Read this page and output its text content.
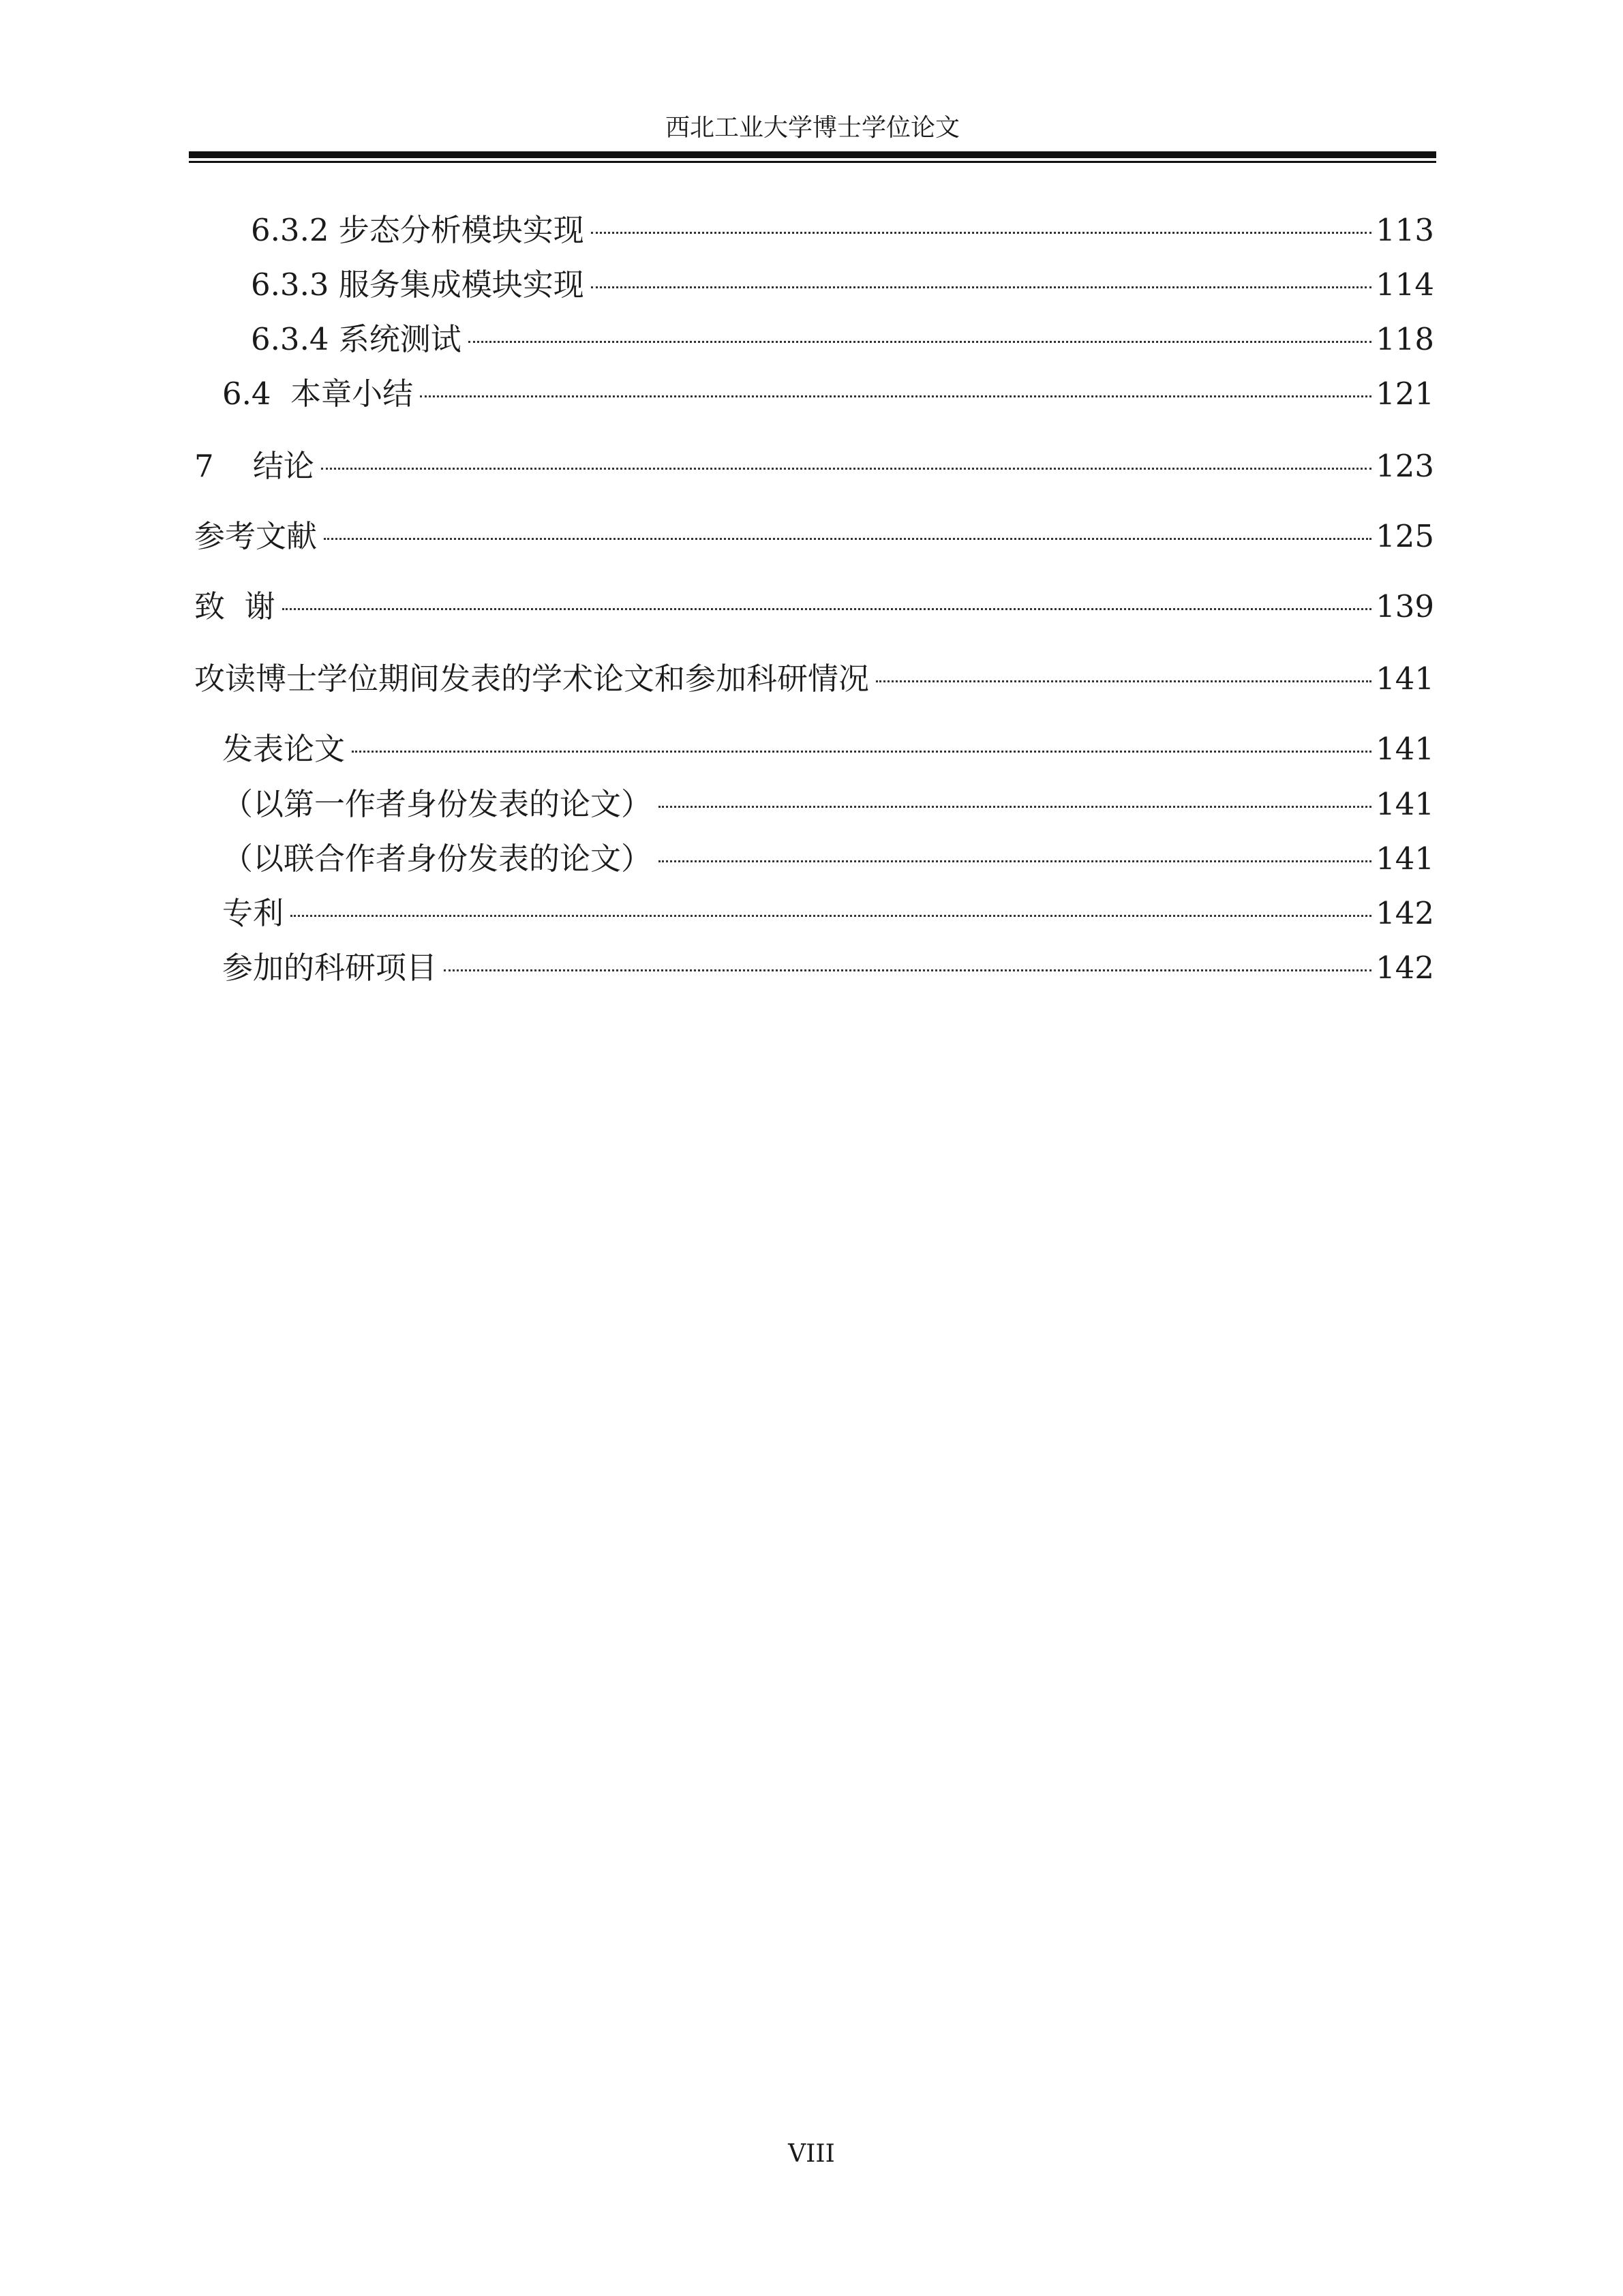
西北工业大学博士学位论文
6.3.2 步态分析模块实现	113
6.3.3 服务集成模块实现	114
6.3.4 系统测试	118
6.4  本章小结	121
7    结论	123
参考文献	125
致  谢	139
攻读博士学位期间发表的学术论文和参加科研情况	141
发表论文	141
（以第一作者身份发表的论文）	141
（以联合作者身份发表的论文）	141
专利	142
参加的科研项目	142
VIII
